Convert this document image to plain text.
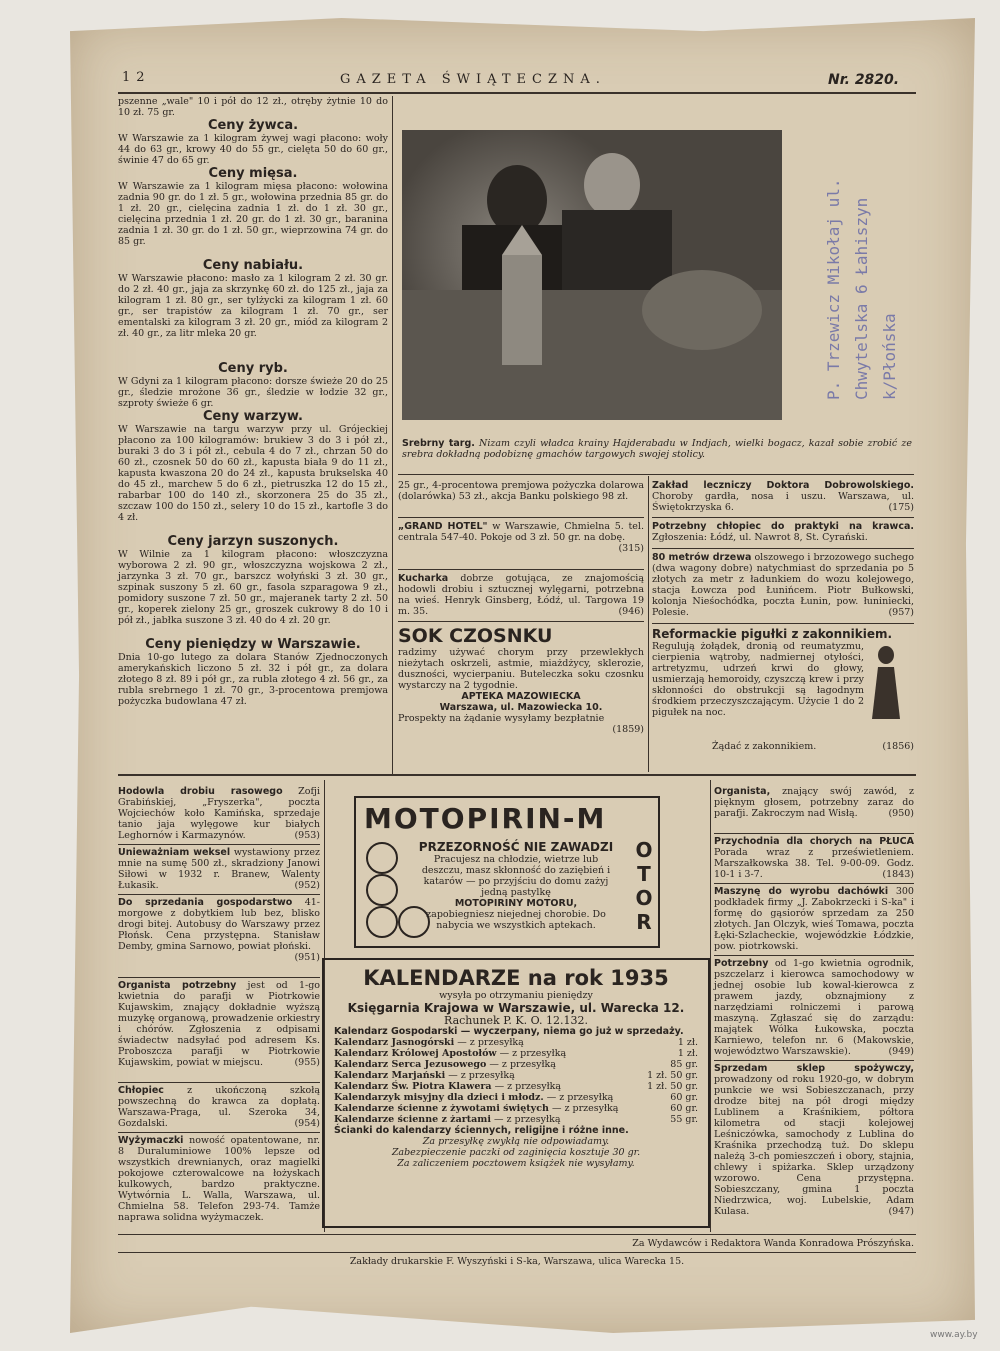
12	GAZETA ŚWIĄTECZNA.	Nr. 2820.
pszenne „wale" 10 i pół do 12 zł., otręby żytnie 10 do 10 zł. 75 gr.
Ceny żywca.
W Warszawie za 1 kilogram żywej wagi płacono: woły 44 do 63 gr., krowy 40 do 55 gr., cielęta 50 do 60 gr., świnie 47 do 65 gr.
Ceny mięsa.
W Warszawie za 1 kilogram mięsa płacono: wołowina zadnia 90 gr. do 1 zł. 5 gr., wołowina przednia 85 gr. do 1 zł. 20 gr., cielęcina zadnia 1 zł. do 1 zł. 30 gr., cielęcina przednia 1 zł. 20 gr. do 1 zł. 30 gr., baranina zadnia 1 zł. 30 gr. do 1 zł. 50 gr., wieprzowina 74 gr. do 85 gr.
Ceny nabiału.
W Warszawie płacono: masło za 1 kilogram 2 zł. 30 gr. do 2 zł. 40 gr., jaja za skrzynkę 60 zł. do 125 zł., jaja za kilogram 1 zł. 80 gr., ser tylżycki za kilogram 1 zł. 60 gr., ser trapistów za kilogram 1 zł. 70 gr., ser ementalski za kilogram 3 zł. 20 gr., miód za kilogram 2 zł. 40 gr., za litr mleka 20 gr.
Ceny ryb.
W Gdyni za 1 kilogram płacono: dorsze świeże 20 do 25 gr., śledzie mrożone 36 gr., śledzie w łodzie 32 gr., szproty świeże 6 gr.
Ceny warzyw.
W Warszawie na targu warzyw przy ul. Grójeckiej płacono za 100 kilogramów: brukiew 3 do 3 i pół zł., buraki 3 do 3 i pół zł., cebula 4 do 7 zł., chrzan 50 do 60 zł., czosnek 50 do 60 zł., kapusta biała 9 do 11 zł., kapusta kwaszona 20 do 24 zł., kapusta brukselska 40 do 45 zł., marchew 5 do 6 zł., pietruszka 12 do 15 zł., rabarbar 100 do 140 zł., skorzonera 25 do 35 zł., szczaw 100 do 150 zł., selery 10 do 15 zł., kartofle 3 do 4 zł.
Ceny jarzyn suszonych.
W Wilnie za 1 kilogram płacono: włoszczyzna wyborowa 2 zł. 90 gr., włoszczyzna wojskowa 2 zł., jarzynka 3 zł. 70 gr., barszcz wołyński 3 zł. 30 gr., szpinak suszony 5 zł. 60 gr., fasola szparagowa 9 zł., pomidory suszone 7 zł. 50 gr., majeranek tarty 2 zł. 50 gr., koperek zielony 25 gr., groszek cukrowy 8 do 10 i pół zł., jabłka suszone 3 zł. 40 do 4 zł. 20 gr.
Ceny pieniędzy w Warszawie.
Dnia 10-go lutego za dolara Stanów Zjednoczonych amerykańskich liczono 5 zł. 32 i pół gr., za dolara złotego 8 zł. 89 i pół gr., za rubla złotego 4 zł. 56 gr., za rubla srebrnego 1 zł. 70 gr., 3-procentowa premjowa pożyczka budowlana 47 zł.
Srebrny targ. Nizam czyli władca krainy Hajderabadu w Indjach, wielki bogacz, kazał sobie zrobić ze srebra dokładną podobiznę gmachów targowych swojej stolicy.
P. Trzewicz Mikołaj ul. Chwytelska 6 Łahiszyn k/Płońska
25 gr., 4-procentowa premjowa pożyczka dolarowa (dolarówka) 53 zł., akcja Banku polskiego 98 zł.
„GRAND HOTEL" w Warszawie, Chmielna 5. tel. centrala 547-40. Pokoje od 3 zł. 50 gr. na dobę.
(315)
Kucharka dobrze gotująca, ze znajomością hodowli drobiu i sztucznej wylęgarni, potrzebna na wieś. Henryk Ginsberg, Łódź, ul. Targowa 19 m. 35.	(946)
SOK CZOSNKU
radzimy używać chorym przy przewlekłych nieżytach oskrzeli, astmie, miażdżycy, sklerozie, duszności, wycierpaniu. Buteleczka soku czosnku wystarczy na 2 tygodnie.
APTEKA MAZOWIECKA
Warszawa, ul. Mazowiecka 10.
Prospekty na żądanie wysyłamy bezpłatnie
(1859)
Zakład leczniczy Doktora Dobrowolskiego. Choroby gardła, nosa i uszu. Warszawa, ul. Świętokrzyska 6.	(175)
Potrzebny chłopiec do praktyki na krawca. Zgłoszenia: Łódź, ul. Nawrot 8, St. Cyrański.
80 metrów drzewa olszowego i brzozowego suchego (dwa wagony dobre) natychmiast do sprzedania po 5 złotych za metr z ładunkiem do wozu kolejowego, stacja Łowcza pod Łunińcem. Piotr Bułkowski, kolonja Nieśochódka, poczta Łunin, pow. łuniniecki, Polesie.	(957)
Reformackie pigułki z zakonnikiem.
Regulują żołądek, dronią od reumatyzmu, cierpienia wątroby, nadmiernej otyłości, artretyzmu, udrzeń krwi do głowy, usmierzają hemoroidy, czyszczą krew i przy skłonności do obstrukcji są łagodnym środkiem przeczyszczającym. Użycie 1 do 2 pigułek na noc.
Żądać z zakonnikiem.	(1856)
Hodowla drobiu rasowego Zofji Grabińskiej, „Fryszerka", poczta Wojciechów koło Kamińska, sprzedaje tanio jaja wylęgowe kur białych Leghornów i Karmazynów.	(953)
Unieważniam weksel wystawiony przez mnie na sumę 500 zł., skradziony Janowi Siłowi w 1932 r. Branew, Walenty Łukasik.	(952)
Do sprzedania gospodarstwo 41-morgowe z dobytkiem lub bez, blisko drogi bitej. Autobusy do Warszawy przez Płońsk. Cena przystępna. Stanisław Demby, gmina Sarnowo, powiat płoński.
(951)
Organista potrzebny jest od 1-go kwietnia do parafji w Piotrkowie Kujawskim, znający dokładnie wyższą muzykę organową, prowadzenie orkiestry i chórów. Zgłoszenia z odpisami świadectw nadsyłać pod adresem Ks. Proboszcza parafji w Piotrkowie Kujawskim, powiat w miejscu.	(955)
Chłopiec z ukończoną szkołą powszechną do krawca za dopłatą. Warszawa-Praga, ul. Szeroka 34, Gozdalski.	(954)
Wyżymaczki nowość opatentowane, nr. 8 Duraluminiowe 100% lepsze od wszystkich drewnianych, oraz magielki pokojowe czterowalcowe na łożyskach kulkowych, bardzo praktyczne. Wytwórnia L. Walla, Warszawa, ul. Chmielna 58. Telefon 293-74. Tamże naprawa solidna wyżymaczek.
MOTOPIRIN-M
OTOR
PRZEZORNOŚĆ NIE ZAWADZI
Pracujesz na chłodzie, wietrze lub deszczu, masz skłonność do zaziębień i katarów — po przyjściu do domu zażyj jedną pastylkę
MOTOPIRINY MOTORU,
zapobiegniesz niejednej chorobie. Do nabycia we wszystkich aptekach.
KALENDARZE na rok 1935
wysyła po otrzymaniu pieniędzy
Księgarnia Krajowa w Warszawie, ul. Warecka 12.
Rachunek P. K. O. 12.132.
Kalendarz Gospodarski — wyczerpany, niema go już w sprzedaży.
Kalendarz Jasnogórski — z przesyłką	1 zł.
Kalendarz Królowej Apostołów — z przesyłką	1 zł.
Kalendarz Serca Jezusowego — z przesyłką	85 gr.
Kalendarz Marjański — z przesyłką	1 zł. 50 gr.
Kalendarz Św. Piotra Klawera — z przesyłką	1 zł. 50 gr.
Kalendarzyk misyjny dla dzieci i młodz. — z przesyłką	60 gr.
Kalendarze ścienne z żywotami świętych — z przesyłką	60 gr.
Kalendarze ścienne z żartami — z przesyłką	55 gr.
Ścianki do kalendarzy ściennych, religijne i różne inne.
Za przesyłkę zwykłą nie odpowiadamy.
Zabezpieczenie paczki od zaginięcia kosztuje 30 gr.
Za zaliczeniem pocztowem książek nie wysyłamy.
Organista, znający swój zawód, z pięknym głosem, potrzebny zaraz do parafji. Zakroczym nad Wisłą.	(950)
Przychodnia dla chorych na PŁUCA Porada wraz z prześwietleniem. Marszałkowska 38. Tel. 9-00-09. Godz. 10-1 i 3-7.	(1843)
Maszynę do wyrobu dachówki 300 podkładek firmy „J. Zabokrzecki i S-ka" i formę do gąsiorów sprzedam za 250 złotych. Jan Olczyk, wieś Tomawa, poczta Łęki-Szlacheckie, wojewódzkie Łódzkie, pow. piotrkowski.
Potrzebny od 1-go kwietnia ogrodnik, pszczelarz i kierowca samochodowy w jednej osobie lub kowal-kierowca z prawem jazdy, obznajmiony z narzędziami rolniczemi i parową maszyną. Zgłaszać się do zarządu: majątek Wólka Łukowska, poczta Karniewo, telefon nr. 6 (Makowskie, województwo Warszawskie).	(949)
Sprzedam sklep spożywczy, prowadzony od roku 1920-go, w dobrym punkcie we wsi Sobieszczanach, przy drodze bitej na pół drogi między Lublinem a Kraśnikiem, półtora kilometra od stacji kolejowej Leśniczówka, samochody z Lublina do Kraśnika przechodzą tuż. Do sklepu należą 3-ch pomieszczeń i obory, stajnia, chlewy i spiżarka. Sklep urządzony wzorowo. Cena przystępna. Sobieszczany, gmina 1 poczta Niedrzwica, woj. Lubelskie, Adam Kulasa.	(947)
Za Wydawców i Redaktora Wanda Konradowa Prószyńska.
Zakłady drukarskie F. Wyszyński i S-ka, Warszawa, ulica Warecka 15.
www.ay.by
